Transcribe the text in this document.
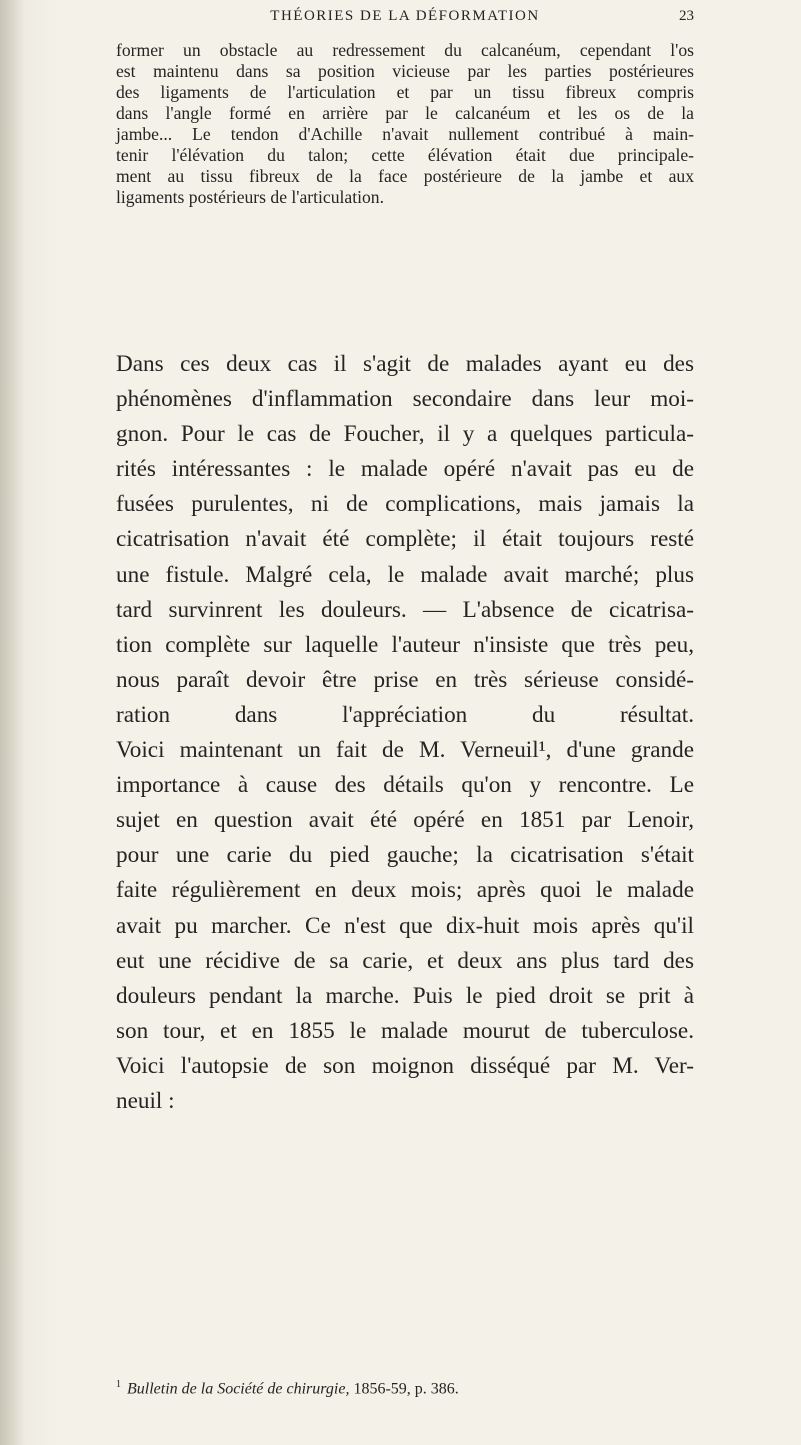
THÉORIES DE LA DÉFORMATION	23
former un obstacle au redressement du calcanéum, cependant l'os
est maintenu dans sa position vicieuse par les parties postérieures
des ligaments de l'articulation et par un tissu fibreux compris
dans l'angle formé en arrière par le calcanéum et les os de la
jambe... Le tendon d'Achille n'avait nullement contribué à main-
tenir l'élévation du talon; cette élévation était due principale-
ment au tissu fibreux de la face postérieure de la jambe et aux
ligaments postérieurs de l'articulation.
Dans ces deux cas il s'agit de malades ayant eu des
phénomènes d'inflammation secondaire dans leur moi-
gnon. Pour le cas de Foucher, il y a quelques particula-
rités intéressantes : le malade opéré n'avait pas eu de
fusées purulentes, ni de complications, mais jamais la
cicatrisation n'avait été complète; il était toujours resté
une fistule. Malgré cela, le malade avait marché; plus
tard survinrent les douleurs. — L'absence de cicatrisa-
tion complète sur laquelle l'auteur n'insiste que très peu,
nous paraît devoir être prise en très sérieuse considé-
ration dans l'appréciation du résultat.
Voici maintenant un fait de M. Verneuil¹, d'une grande
importance à cause des détails qu'on y rencontre. Le
sujet en question avait été opéré en 1851 par Lenoir,
pour une carie du pied gauche; la cicatrisation s'était
faite régulièrement en deux mois; après quoi le malade
avait pu marcher. Ce n'est que dix-huit mois après qu'il
eut une récidive de sa carie, et deux ans plus tard des
douleurs pendant la marche. Puis le pied droit se prit à
son tour, et en 1855 le malade mourut de tuberculose.
Voici l'autopsie de son moignon disséqué par M. Ver-
neuil :
$^1$ Bulletin de la Société de chirurgie, 1856-59, p. 386.
